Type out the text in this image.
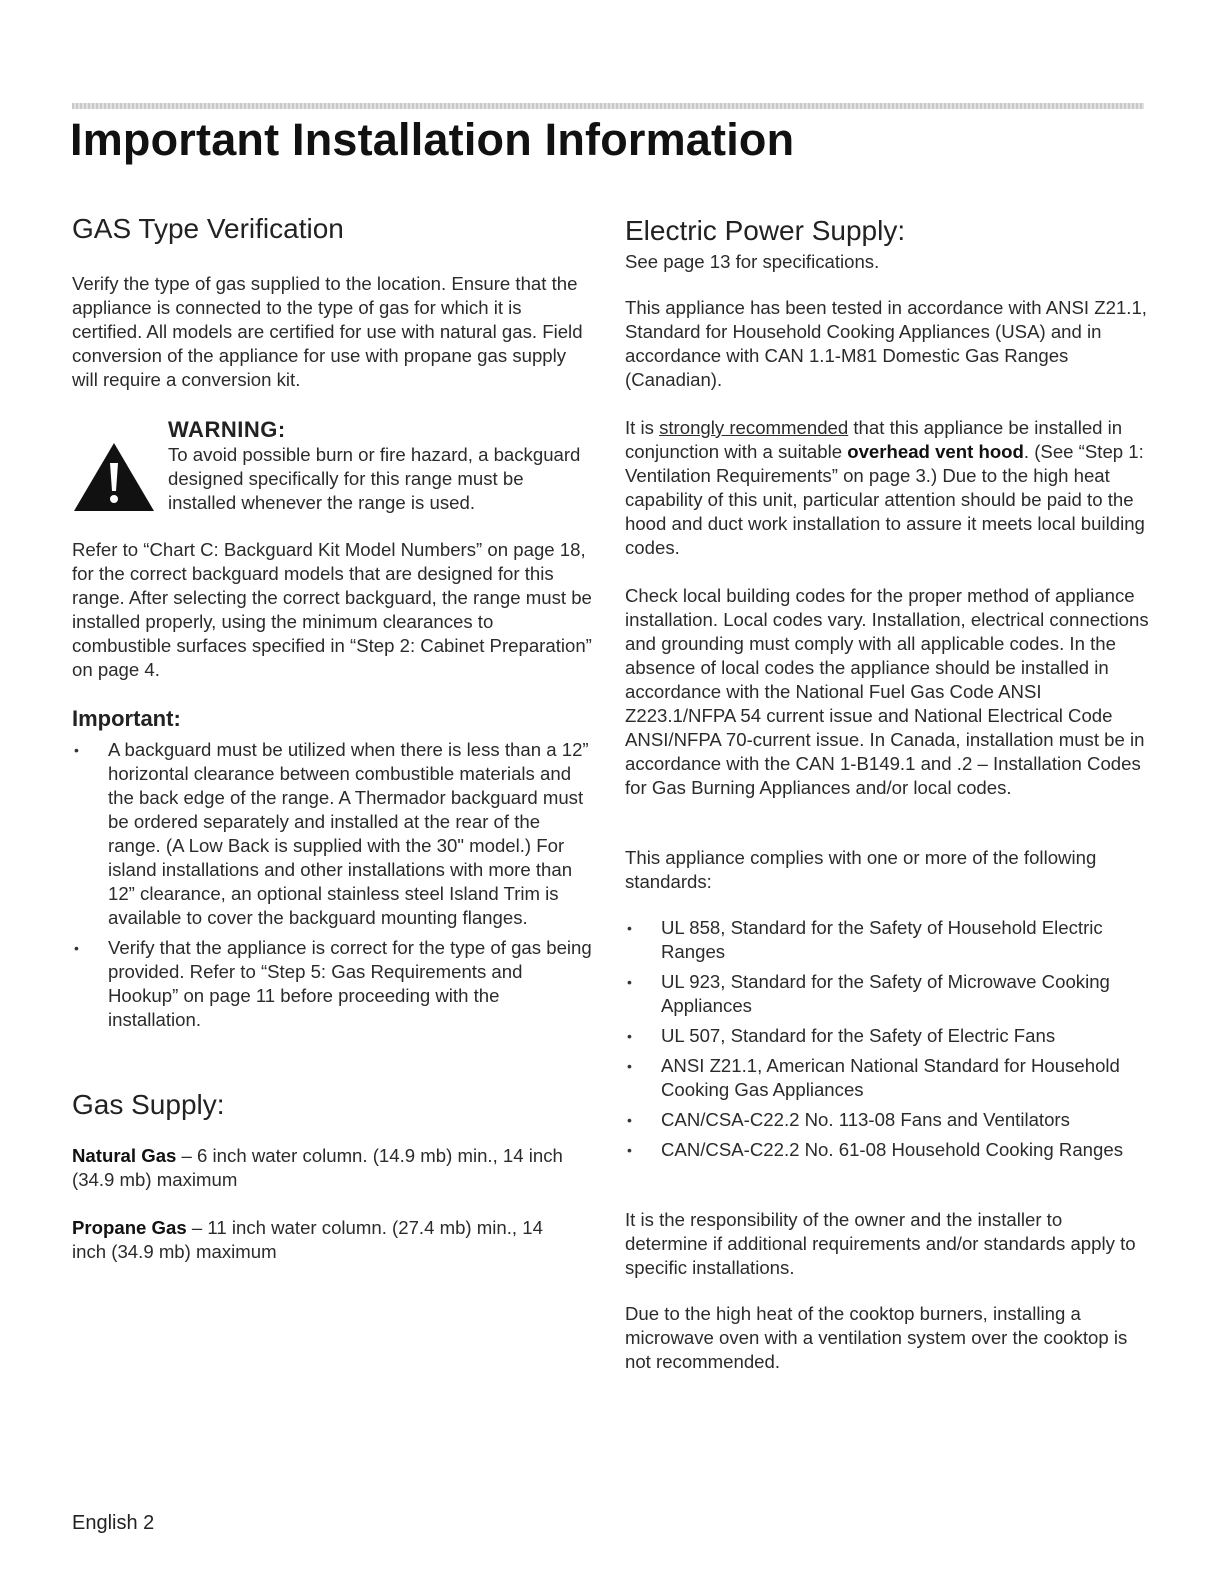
Important Installation Information
GAS Type Verification

Verify the type of gas supplied to the location. Ensure that the appliance is connected to the type of gas for which it is certified. All models are certified for use with natural gas. Field conversion of the appliance for use with propane gas supply will require a conversion kit.

WARNING:
To avoid possible burn or fire hazard, a backguard designed specifically for this range must be installed whenever the range is used.

Refer to “Chart C: Backguard Kit Model Numbers” on page 18, for the correct backguard models that are designed for this range. After selecting the correct backguard, the range must be installed properly, using the minimum clearances to combustible surfaces specified in “Step 2: Cabinet Preparation” on page 4.

Important:
• A backguard must be utilized when there is less than a 12” horizontal clearance between combustible materials and the back edge of the range. A Thermador backguard must be ordered separately and installed at the rear of the range. (A Low Back is supplied with the 30" model.) For island installations and other installations with more than 12” clearance, an optional stainless steel Island Trim is available to cover the backguard mounting flanges.
• Verify that the appliance is correct for the type of gas being provided. Refer to “Step 5: Gas Requirements and Hookup” on page 11 before proceeding with the installation.
Gas Supply:

Natural Gas – 6 inch water column. (14.9 mb) min., 14 inch (34.9 mb) maximum

Propane Gas – 11 inch water column. (27.4 mb) min., 14 inch (34.9 mb) maximum

Electric Power Supply:

See page 13 for specifications.

This appliance has been tested in accordance with ANSI Z21.1, Standard for Household Cooking Appliances (USA) and in accordance with CAN 1.1-M81 Domestic Gas Ranges (Canadian).

It is strongly recommended that this appliance be installed in conjunction with a suitable overhead vent hood. (See “Step 1: Ventilation Requirements” on page 3.) Due to the high heat capability of this unit, particular attention should be paid to the hood and duct work installation to assure it meets local building codes.

Check local building codes for the proper method of appliance installation. Local codes vary. Installation, electrical connections and grounding must comply with all applicable codes. In the absence of local codes the appliance should be installed in accordance with the National Fuel Gas Code ANSI Z223.1/NFPA 54 current issue and National Electrical Code ANSI/NFPA 70-current issue. In Canada, installation must be in accordance with the CAN 1-B149.1 and .2 – Installation Codes for Gas Burning Appliances and/or local codes.

This appliance complies with one or more of the following standards:

• UL 858, Standard for the Safety of Household Electric Ranges
• UL 923, Standard for the Safety of Microwave Cooking Appliances
• UL 507, Standard for the Safety of Electric Fans
• ANSI Z21.1, American National Standard for Household Cooking Gas Appliances
• CAN/CSA-C22.2 No. 113-08 Fans and Ventilators
• CAN/CSA-C22.2 No. 61-08 Household Cooking Ranges

It is the responsibility of the owner and the installer to determine if additional requirements and/or standards apply to specific installations.

Due to the high heat of the cooktop burners, installing a microwave oven with a ventilation system over the cooktop is not recommended.

English 2
